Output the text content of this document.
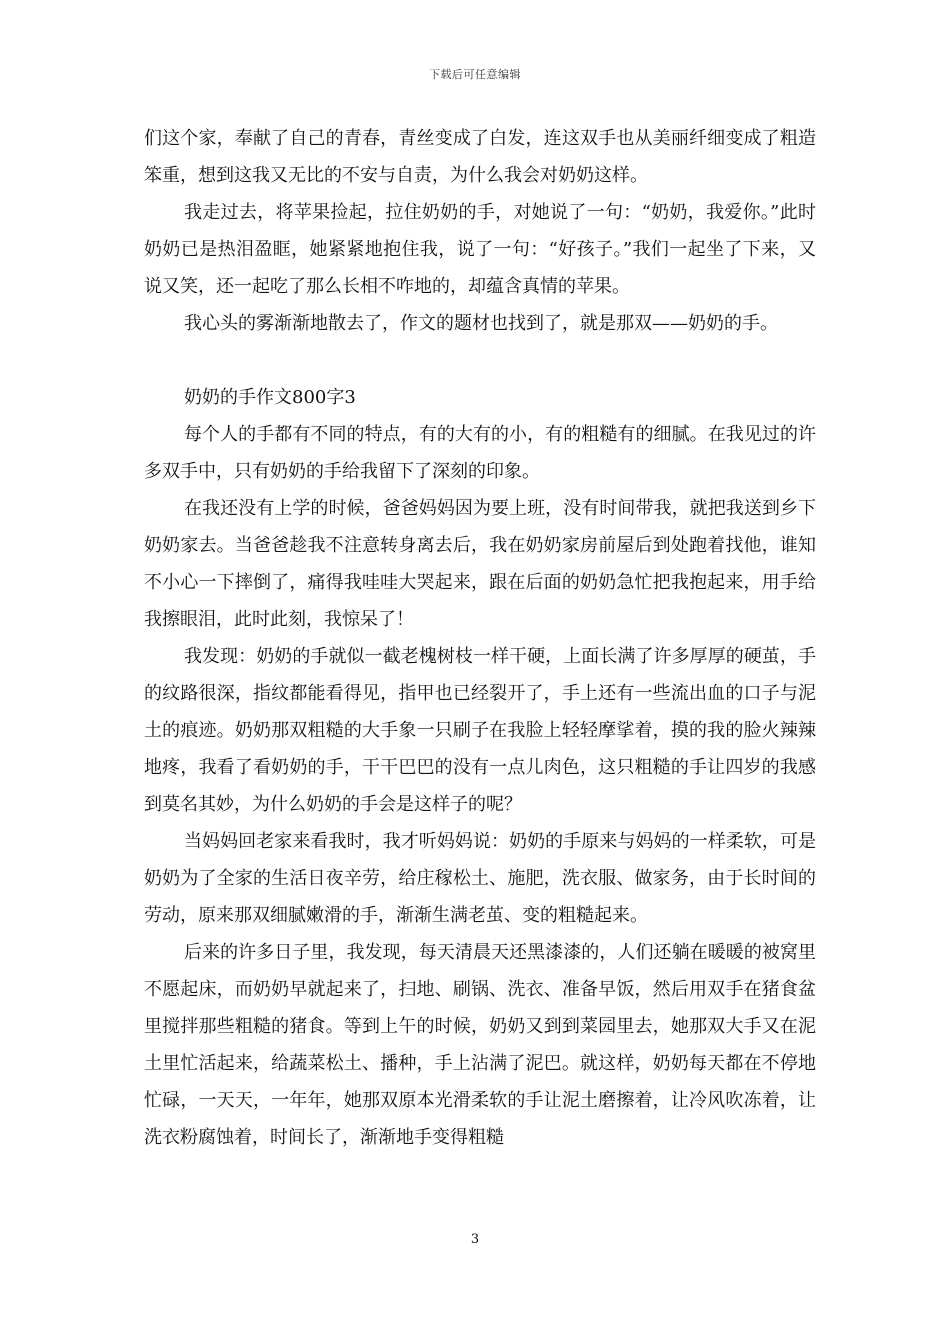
下载后可任意编辑

们这个家，奉献了自己的青春，青丝变成了白发，连这双手也从美丽纤细变成了粗造笨重，想到这我又无比的不安与自责，为什么我会对奶奶这样。

我走过去，将苹果捡起，拉住奶奶的手，对她说了一句：“奶奶，我爱你。”此时奶奶已是热泪盈眶，她紧紧地抱住我，说了一句：“好孩子。”我们一起坐了下来，又说又笑，还一起吃了那么长相不咋地的，却蕴含真情的苹果。

我心头的雾渐渐地散去了，作文的题材也找到了，就是那双——奶奶的手。

奶奶的手作文800字3

每个人的手都有不同的特点，有的大有的小，有的粗糙有的细腻。在我见过的许多双手中，只有奶奶的手给我留下了深刻的印象。

在我还没有上学的时候，爸爸妈妈因为要上班，没有时间带我，就把我送到乡下奶奶家去。当爸爸趁我不注意转身离去后，我在奶奶家房前屋后到处跑着找他，谁知不小心一下摔倒了，痛得我哇哇大哭起来，跟在后面的奶奶急忙把我抱起来，用手给我擦眼泪，此时此刻，我惊呆了！

我发现：奶奶的手就似一截老槐树枝一样干硬，上面长满了许多厚厚的硬茧，手的纹路很深，指纹都能看得见，指甲也已经裂开了，手上还有一些流出血的口子与泥土的痕迹。奶奶那双粗糙的大手象一只刷子在我脸上轻轻摩挲着，摸的我的脸火辣辣地疼，我看了看奶奶的手，干干巴巴的没有一点儿肉色，这只粗糙的手让四岁的我感到莫名其妙，为什么奶奶的手会是这样子的呢？

当妈妈回老家来看我时，我才听妈妈说：奶奶的手原来与妈妈的一样柔软，可是奶奶为了全家的生活日夜辛劳，给庄稼松土、施肥，洗衣服、做家务，由于长时间的劳动，原来那双细腻嫩滑的手，渐渐生满老茧、变的粗糙起来。

后来的许多日子里，我发现，每天清晨天还黑漆漆的，人们还躺在暖暖的被窝里不愿起床，而奶奶早就起来了，扫地、刷锅、洗衣、准备早饭，然后用双手在猪食盆里搅拌那些粗糙的猪食。等到上午的时候，奶奶又到到菜园里去，她那双大手又在泥土里忙活起来，给蔬菜松土、播种，手上沾满了泥巴。就这样，奶奶每天都在不停地忙碌，一天天，一年年，她那双原本光滑柔软的手让泥土磨擦着，让冷风吹冻着，让洗衣粉腐蚀着，时间长了，渐渐地手变得粗糙

3
